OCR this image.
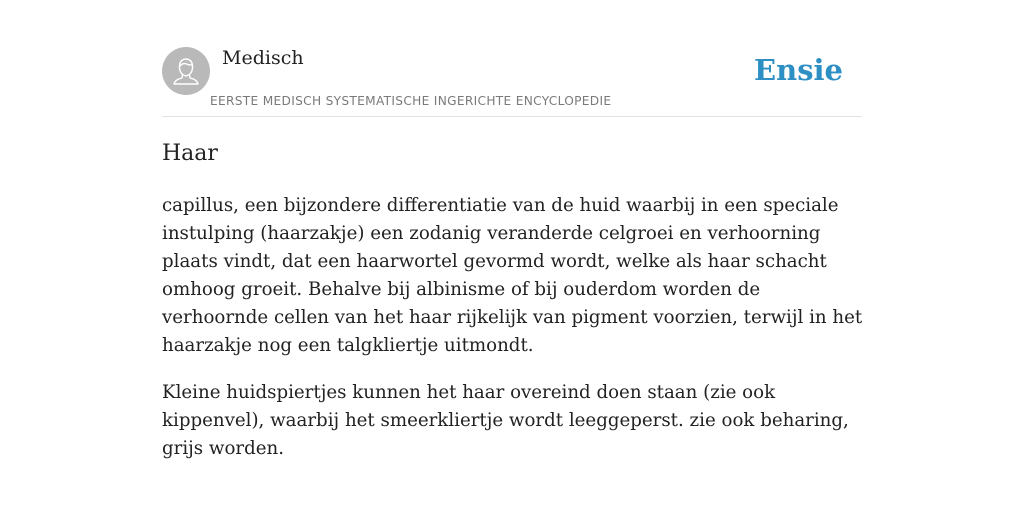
Medisch
EERSTE MEDISCH SYSTEMATISCHE INGERICHTE ENCYCLOPEDIE
Ensie
Haar

capillus, een bijzondere differentiatie van de huid waarbij in een speciale instulping (haarzakje) een zodanig veranderde celgroei en verhoorning plaats vindt, dat een haarwortel gevormd wordt, welke als haar schacht omhoog groeit. Behalve bij albinisme of bij ouderdom worden de verhoornde cellen van het haar rijkelijk van pigment voorzien, terwijl in het haarzakje nog een talgkliertje uitmondt.

Kleine huidspiertjes kunnen het haar overeind doen staan (zie ook kippenvel), waarbij het smeerkliertje wordt leeggeperst. zie ook beharing, grijs worden.
